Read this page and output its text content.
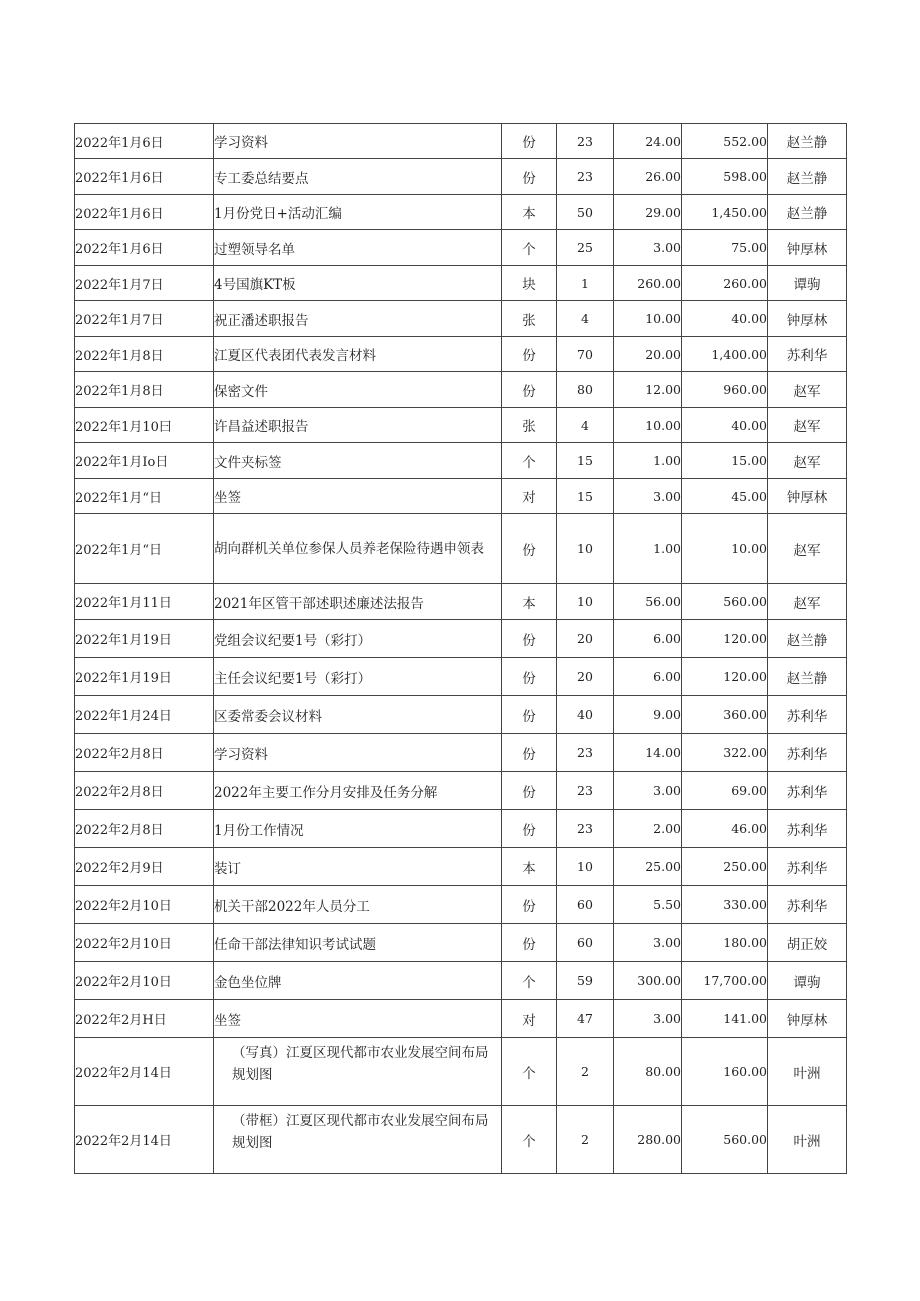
2022年1月6日	学习资料	份	23	24.00	552.00	赵兰静
2022年1月6日	专工委总结要点	份	23	26.00	598.00	赵兰静
2022年1月6日	1月份党日+活动汇编	本	50	29.00	1,450.00	赵兰静
2022年1月6日	过塑领导名单	个	25	3.00	75.00	钟厚林
2022年1月7日	4号国旗KT板	块	1	260.00	260.00	谭驹
2022年1月7日	祝正潘述职报告	张	4	10.00	40.00	钟厚林
2022年1月8日	江夏区代表团代表发言材料	份	70	20.00	1,400.00	苏利华
2022年1月8日	保密文件	份	80	12.00	960.00	赵军
2022年1月10曰	许昌益述职报告	张	4	10.00	40.00	赵军
2022年1月Io日	文件夹标签	个	15	1.00	15.00	赵军
2022年1月“日	坐签	对	15	3.00	45.00	钟厚林
2022年1月“日	胡向群机关单位参保人员养老保险待遇申领表	份	10	1.00	10.00	赵军
2022年1月11日	2021年区管干部述职述廉述法报告	本	10	56.00	560.00	赵军
2022年1月19日	党组会议纪要1号（彩打）	份	20	6.00	120.00	赵兰静
2022年1月19日	主任会议纪要1号（彩打）	份	20	6.00	120.00	赵兰静
2022年1月24日	区委常委会议材料	份	40	9.00	360.00	苏利华
2022年2月8日	学习资料	份	23	14.00	322.00	苏利华
2022年2月8日	2022年主要工作分月安排及任务分解	份	23	3.00	69.00	苏利华
2022年2月8日	1月份工作情况	份	23	2.00	46.00	苏利华
2022年2月9日	装订	本	10	25.00	250.00	苏利华
2022年2月10日	机关干部2022年人员分工	份	60	5.50	330.00	苏利华
2022年2月10日	任命干部法律知识考试试题	份	60	3.00	180.00	胡正姣
2022年2月10日	金色坐位牌	个	59	300.00	17,700.00	谭驹
2022年2月H日	坐签	对	47	3.00	141.00	钟厚林
2022年2月14日	（写真）江夏区现代都市农业发展空间布局规划图	个	2	80.00	160.00	叶洲
2022年2月14日	（带框）江夏区现代都市农业发展空间布局规划图	个	2	280.00	560.00	叶洲
